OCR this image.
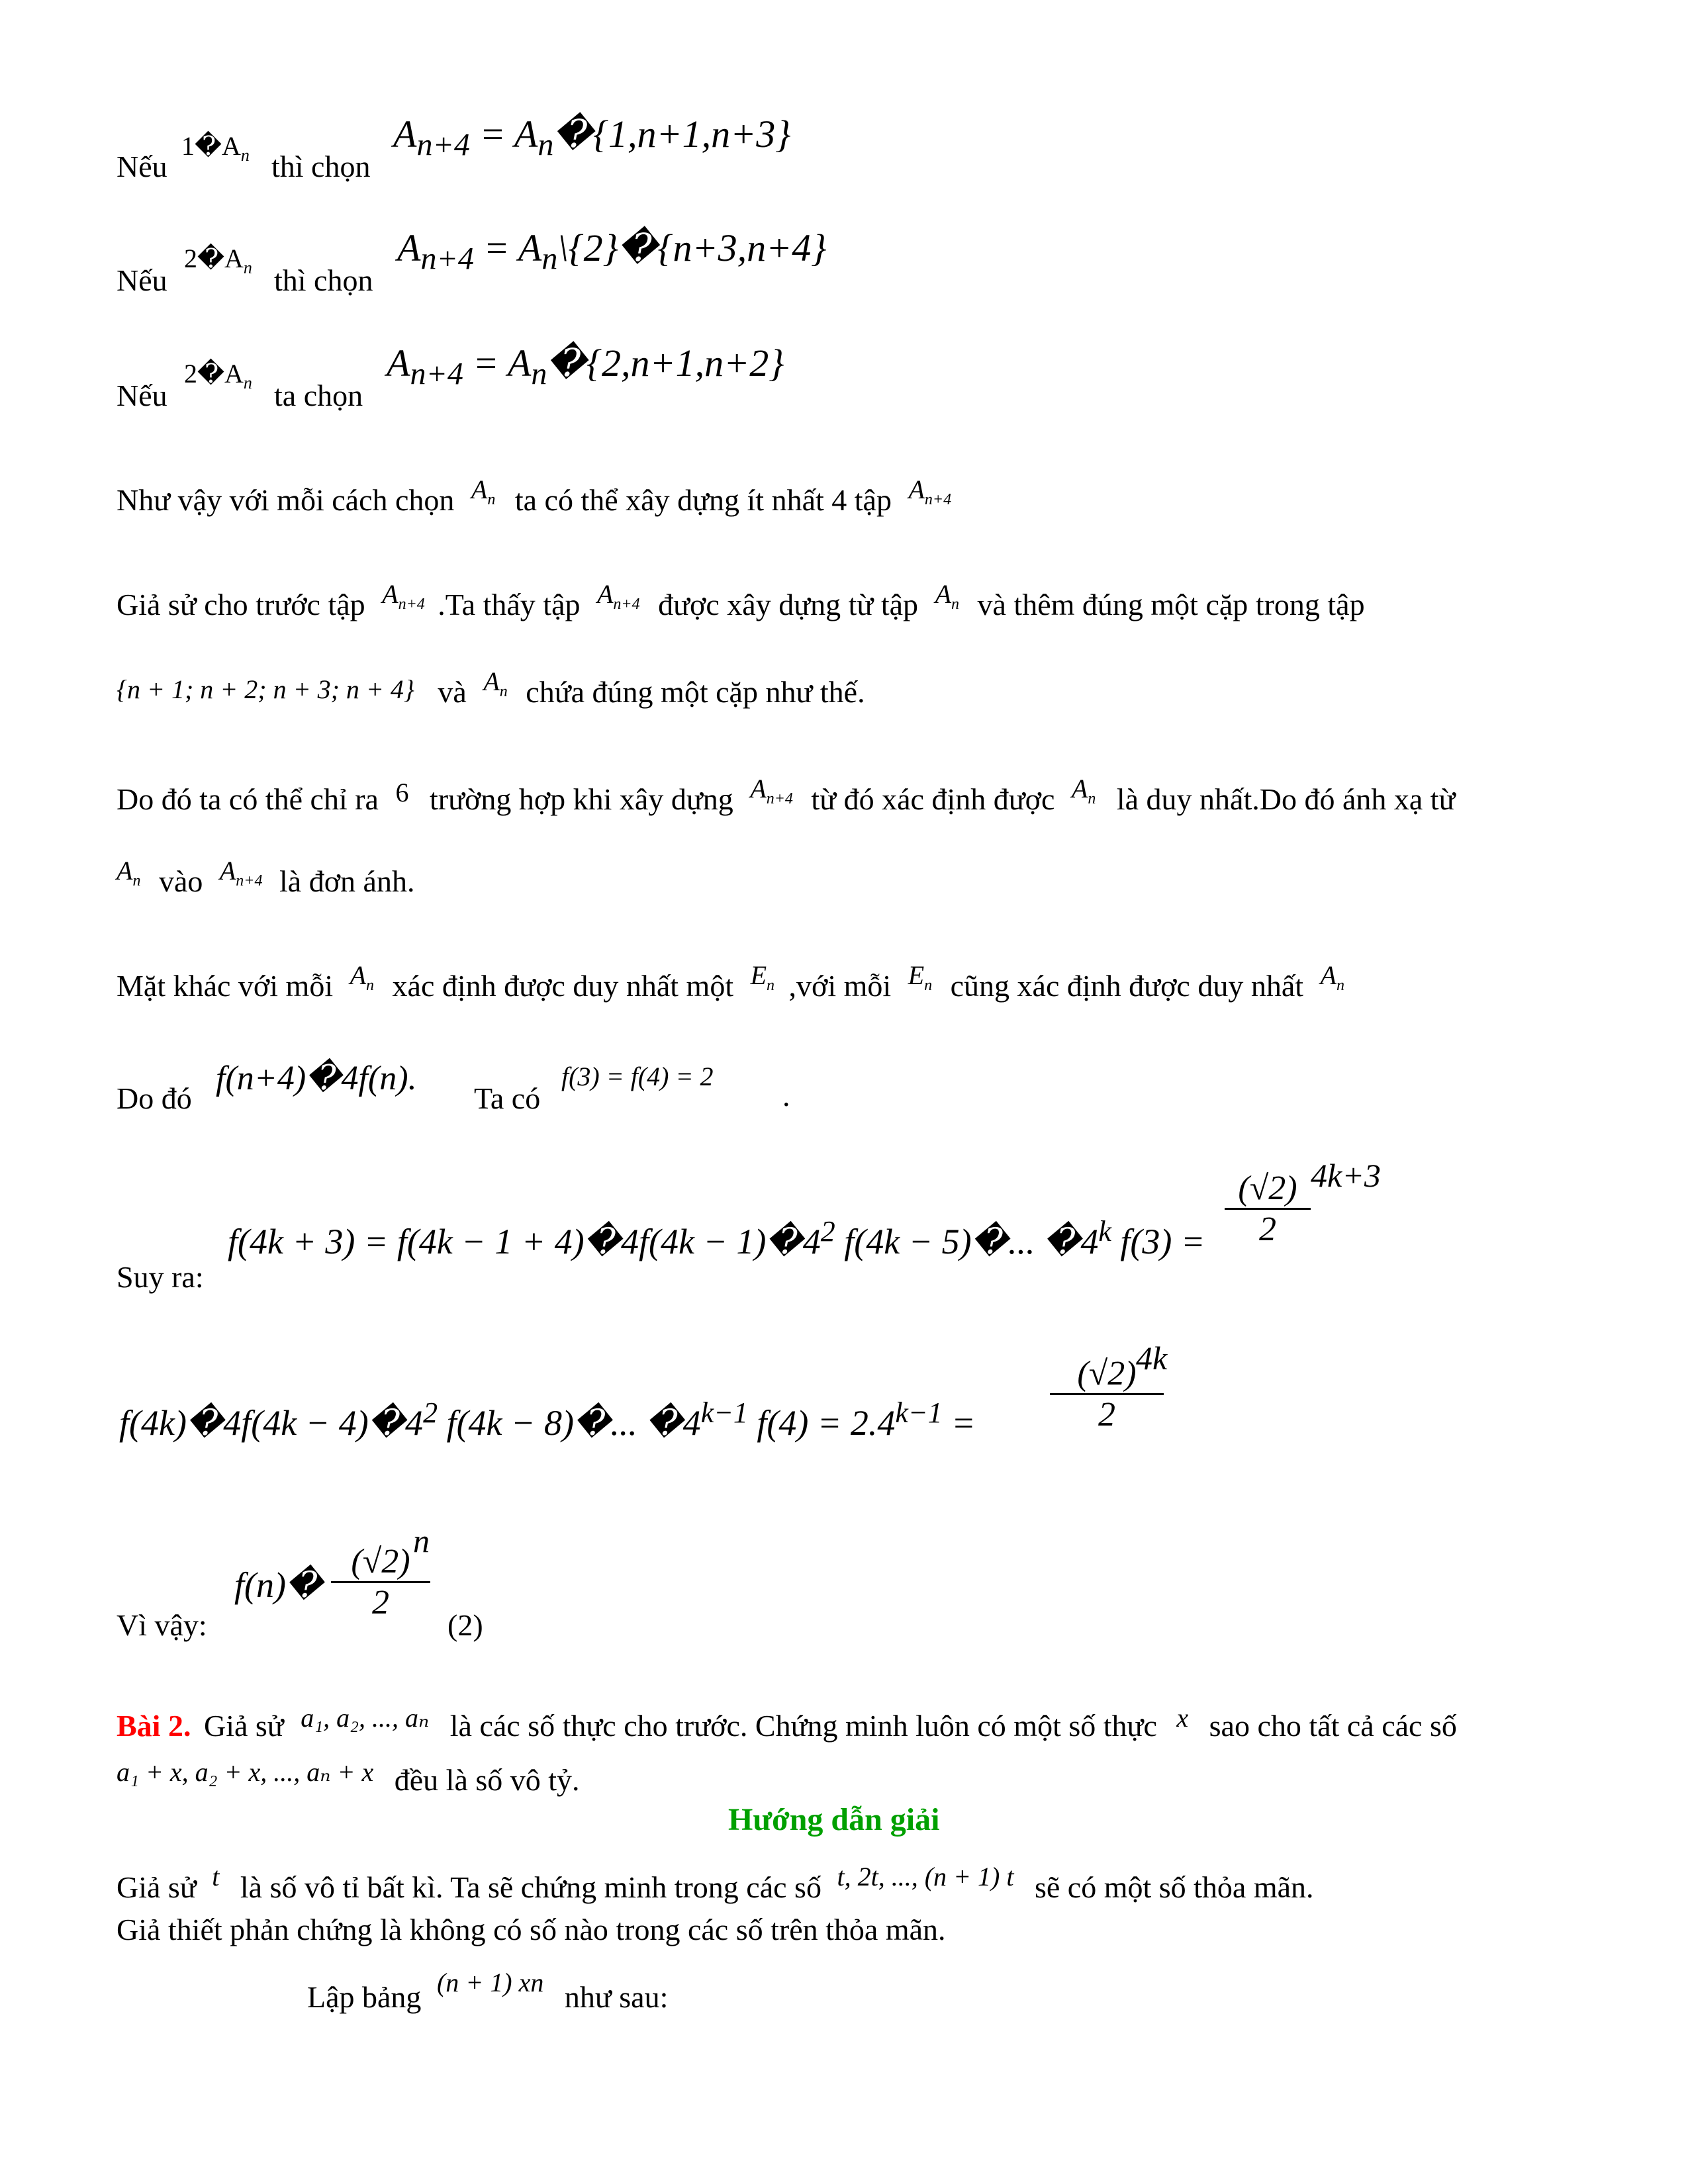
Nếu
$1�A_n$ thì chọn
$A_{n+4}$ = $A_n�\{1,n+1,n+3\}$
Nếu
$2�A_n$ thì chọn
$A_{n+4}$ = $A_n\backslash\{2\}�\{n+3,n+4\}$
Nếu
$2�A_n$ ta chọn
$A_{n+4}$ = $A_n�\{2,n+1,n+2\}$
Như vậy với mỗi cách chọn $A_n$ ta có thể xây dựng ít nhất 4 tập $A_{n+4}$
Giả sử cho trước tập $A_{n+4}$ .Ta thấy tập $A_{n+4}$ được xây dựng từ tập $A_n$ và thêm đúng một cặp trong tập
{n + 1; n + 2; n + 3; n + 4} và $A_n$ chứa đúng một cặp như thế.
Do đó ta có thể chỉ ra 6 trường hợp khi xây dựng $A_{n+4}$ từ đó xác định được $A_n$ là duy nhất.Do đó ánh xạ từ
$A_n$ vào $A_{n+4}$ là đơn ánh.
Mặt khác với mỗi $A_n$ xác định được duy nhất một $E_n$ ,với mỗi $E_n$ cũng xác định được duy nhất $A_n$
Do đó
f(n+4)�4f(n).
Ta có
f(3) = f(4) = 2
.
Suy ra:
f(4k + 3) = f(4k − 1 + 4)�4f(4k − $1)�4^2$ f(4k − 5)�... �4$^k$ f(3) =
(√2)
2
4k+3
f(4k)�4f(4k − $4)�4^2$ f(4k − 8)�... $�4^{k-1}$ $f(4) = 2.4^{k-1}$ =
(√2)
2
4k
Vì vậy:
f(n)�
(√2)
2
n
(2)
Bài 2. Giả sử a₁, a₂, ..., aₙ là các số thực cho trước. Chứng minh luôn có một số thực x sao cho tất cả các số
a₁ + x, a₂ + x, ..., aₙ + x đều là số vô tỷ.
Hướng dẫn giải
Giả sử t là số vô tỉ bất kì. Ta sẽ chứng minh trong các số t, 2t, ..., (n + 1) t sẽ có một số thỏa mãn.
Giả thiết phản chứng là không có số nào trong các số trên thỏa mãn.
Lập bảng (n + 1) xn như sau:
